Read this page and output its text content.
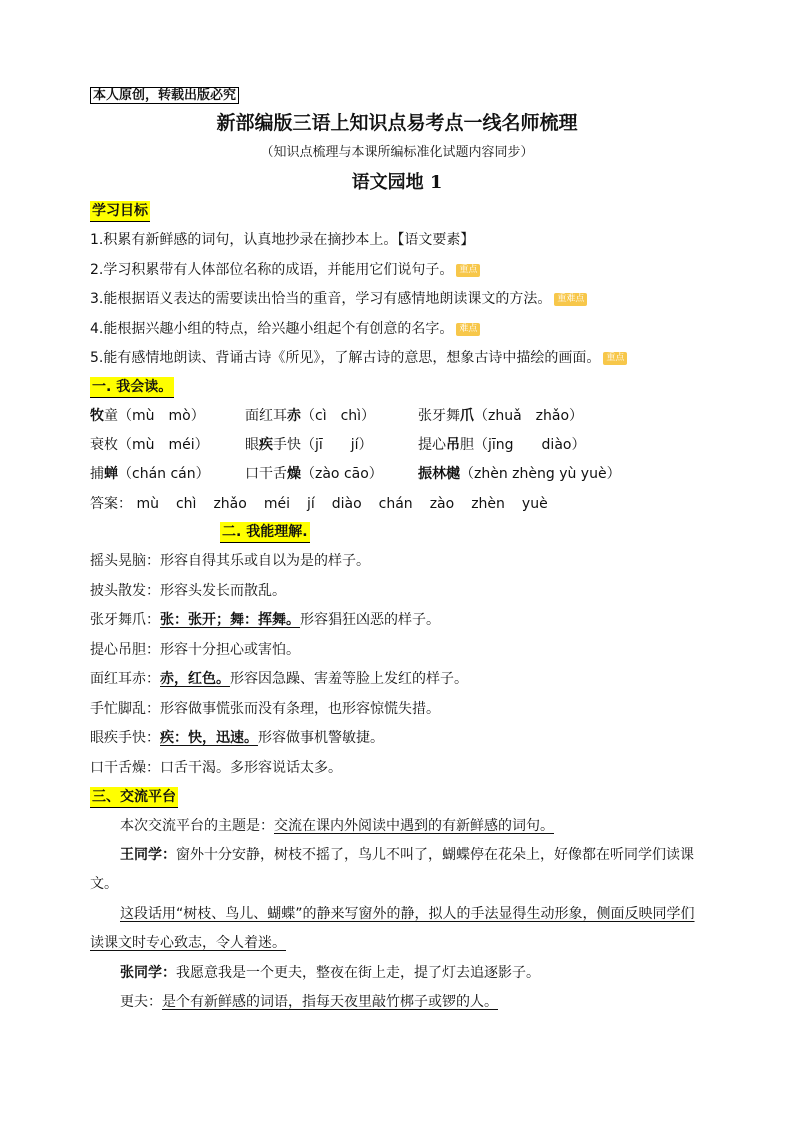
本人原创，转载出版必究
新部编版三语上知识点易考点一线名师梳理
（知识点梳理与本课所编标准化试题内容同步）
语文园地 1
学习目标
1.积累有新鲜感的词句，认真地抄录在摘抄本上。【语文要素】
2.学习积累带有人体部位名称的成语，并能用它们说句子。 重点
3.能根据语义表达的需要读出恰当的重音，学习有感情地朗读课文的方法。 重难点
4.能根据兴趣小组的特点，给兴趣小组起个有创意的名字。 难点
5.能有感情地朗读、背诵古诗《所见》，了解古诗的意思，想象古诗中描绘的画面。 重点
一. 我会读。
牧童（mù　mò）	面红耳赤（cì　chì）	张牙舞爪（zhuǎ　zhǎo）
衰枚（mù　méi）	眼疾手快（jī　　jí）	提心吊胆（jīng　　diào）
捕蝉（chán cán）	口干舌燥（zào cāo）	振林樾（zhèn zhèng yù yuè）
答案： mù chì zhǎo méi jí diào chán zào zhèn yuè
二. 我能理解.
摇头晃脑：形容自得其乐或自以为是的样子。
披头散发：形容头发长而散乱。
张牙舞爪：张：张开；舞：挥舞。形容猖狂凶恶的样子。
提心吊胆：形容十分担心或害怕。
面红耳赤：赤，红色。形容因急躁、害羞等脸上发红的样子。
手忙脚乱：形容做事慌张而没有条理，也形容惊慌失措。
眼疾手快：疾：快，迅速。形容做事机警敏捷。
口干舌燥：口舌干渴。多形容说话太多。
三、交流平台
本次交流平台的主题是：交流在课内外阅读中遇到的有新鲜感的词句。
王同学：窗外十分安静，树枝不摇了，鸟儿不叫了，蝴蝶停在花朵上，好像都在听同学们读课文。
这段话用“树枝、鸟儿、蝴蝶”的静来写窗外的静，拟人的手法显得生动形象，侧面反映同学们读课文时专心致志，令人着迷。
张同学：我愿意我是一个更夫，整夜在街上走，提了灯去追逐影子。
更夫：是个有新鲜感的词语，指每天夜里敲竹梆子或锣的人。
